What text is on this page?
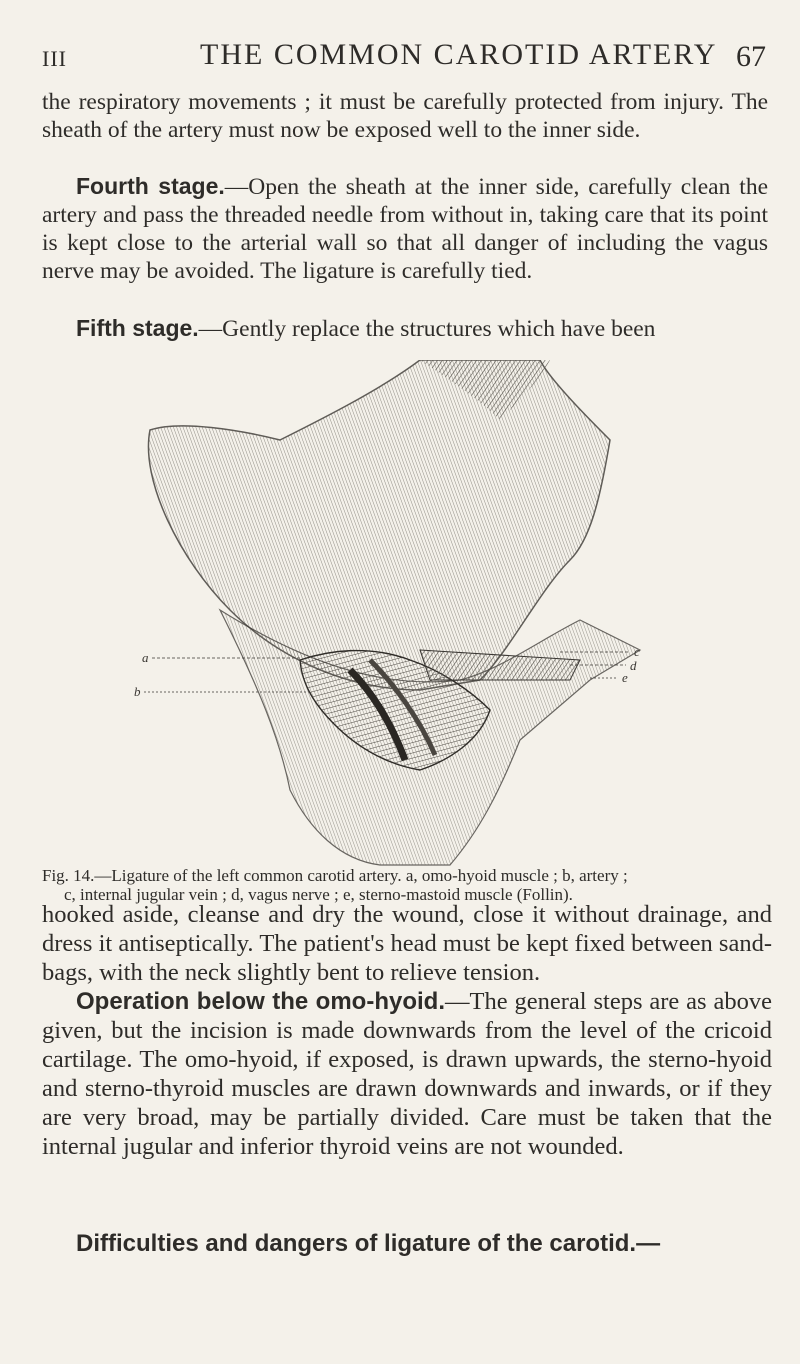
III	THE COMMON CAROTID ARTERY 67

the respiratory movements ; it must be carefully protected from injury. The sheath of the artery must now be exposed well to the inner side.

Fourth stage.—Open the sheath at the inner side, carefully clean the artery and pass the threaded needle from without in, taking care that its point is kept close to the arterial wall so that all danger of including the vagus nerve may be avoided. The ligature is carefully tied.

Fifth stage.—Gently replace the structures which have been

a
b
c
d
e
Fig. 14.—Ligature of the left common carotid artery. a, omo-hyoid muscle ; b, artery ;
c, internal jugular vein ; d, vagus nerve ; e, sterno-mastoid muscle (Follin).

hooked aside, cleanse and dry the wound, close it without drainage, and dress it antiseptically. The patient's head must be kept fixed between sand-bags, with the neck slightly bent to relieve tension.

Operation below the omo-hyoid.—The general steps are as above given, but the incision is made downwards from the level of the cricoid cartilage. The omo-hyoid, if exposed, is drawn upwards, the sterno-hyoid and sterno-thyroid muscles are drawn downwards and inwards, or if they are very broad, may be partially divided. Care must be taken that the internal jugular and inferior thyroid veins are not wounded.

Difficulties and dangers of ligature of the carotid.—
